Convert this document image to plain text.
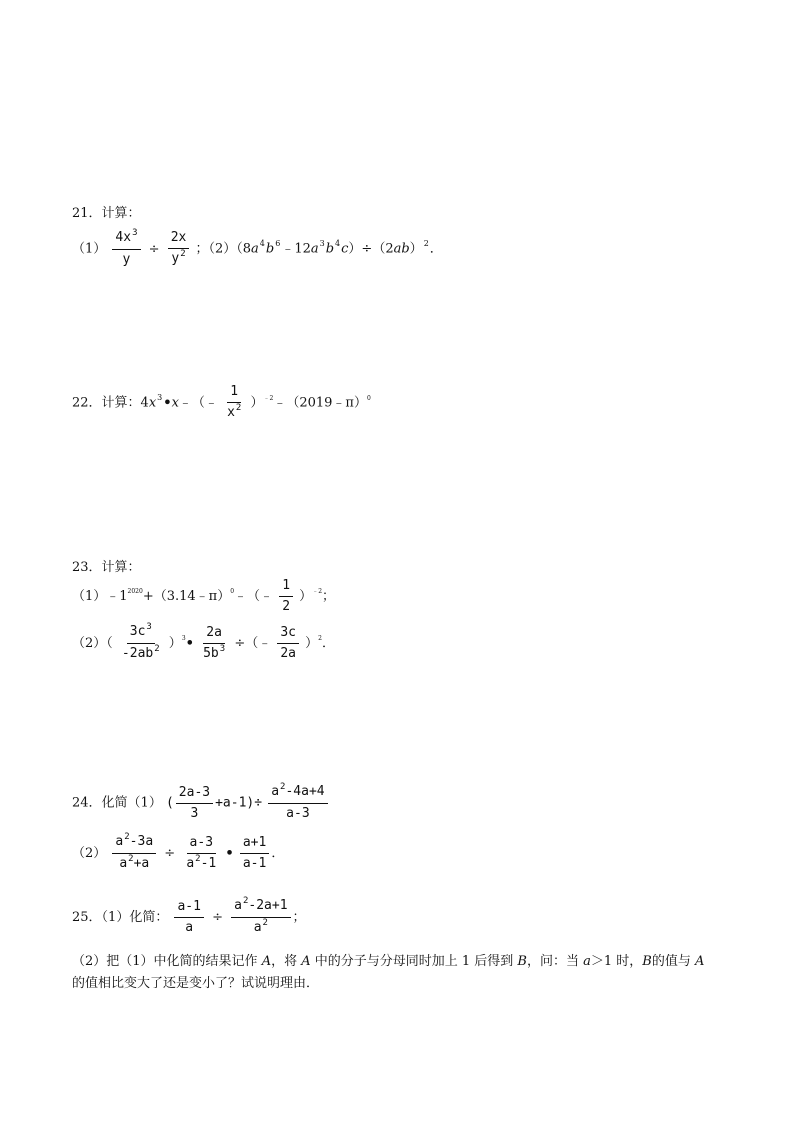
21．计算：
$(1) \frac{4x^3}{y} \div \frac{2x}{y^2}$ ；$(2)(8a^4b^6﹣12a^3b^4c)\div(2ab)^2$．
22．计算：$4x^3•x﹣(﹣ \frac{1}{x^2}$ ）$^{﹣2}$﹣（2019﹣π）$^0$
23．计算：
$(1)﹣1^{2020}+(3.14﹣\pi)^0﹣(﹣ \frac{1}{2} )^{﹣2}$；
$(2)( \frac{3c^3}{-2ab^2}$ ）$^3• \frac{2a}{5b^3}$ ÷（﹣ $\frac{3c}{2a} )^2$．
24．化简（1） ( $\frac{2a-3}{3} +a-1)\div \frac{a^2-4a+4}{a-3}$
$(2) \frac{a^2-3a}{a^2+a} \div \frac{a-3}{a^2-1}$ • $\frac{a+1}{a-1}$ ．
25．（1）化简： $\frac{a-1}{a} \div \frac{a^2-2a+1}{a^2}$ ；
（2）把（1）中化简的结果记作 A，将 A 中的分子与分母同时加上 1 后得到 B，问：当 a＞1 时，B的值与 A
的值相比变大了还是变小了？试说明理由．
